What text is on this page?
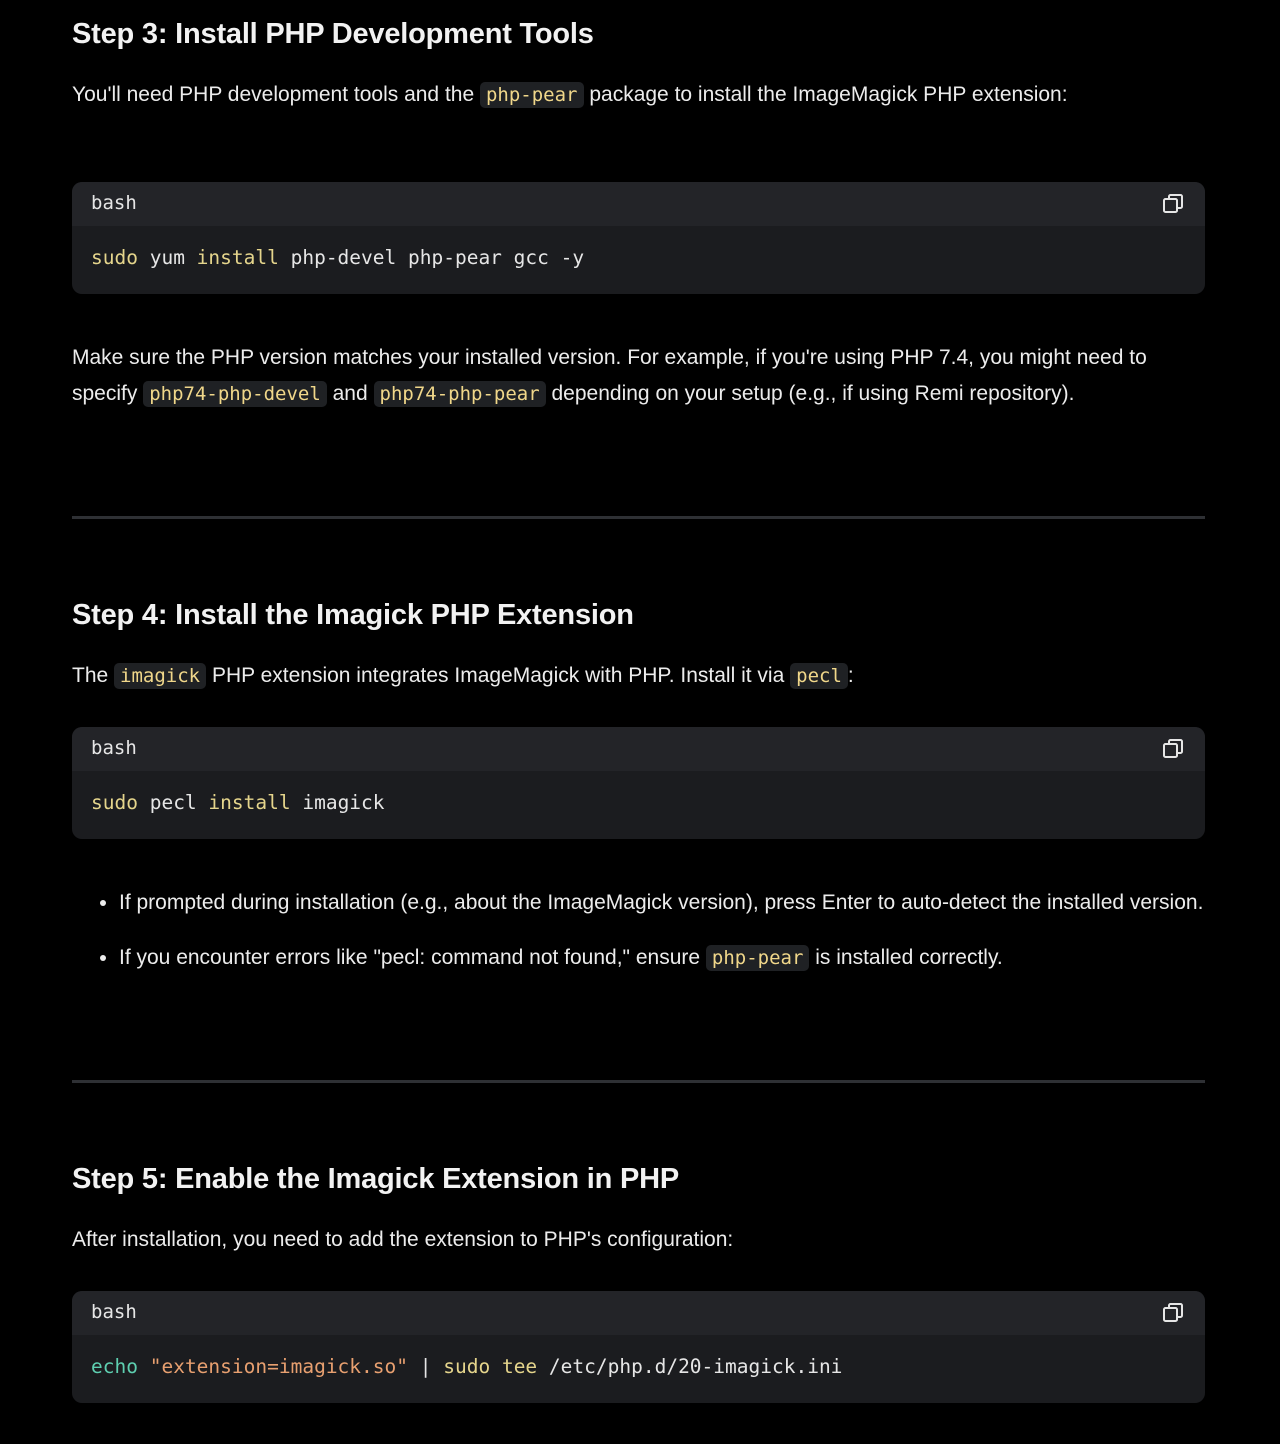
Step 3: Install PHP Development Tools

You'll need PHP development tools and the php-pear package to install the ImageMagick PHP extension:

bash
sudo yum install php-devel php-pear gcc -y

Make sure the PHP version matches your installed version. For example, if you're using PHP 7.4, you might need to specify php74-php-devel and php74-php-pear depending on your setup (e.g., if using Remi repository).

Step 4: Install the Imagick PHP Extension

The imagick PHP extension integrates ImageMagick with PHP. Install it via pecl :

bash
sudo pecl install imagick
• If prompted during installation (e.g., about the ImageMagick version), press Enter to auto-detect the installed version.
• If you encounter errors like "pecl: command not found," ensure php-pear is installed correctly.
Step 5: Enable the Imagick Extension in PHP

After installation, you need to add the extension to PHP's configuration:

bash
echo "extension=imagick.so" | sudo tee /etc/php.d/20-imagick.ini
